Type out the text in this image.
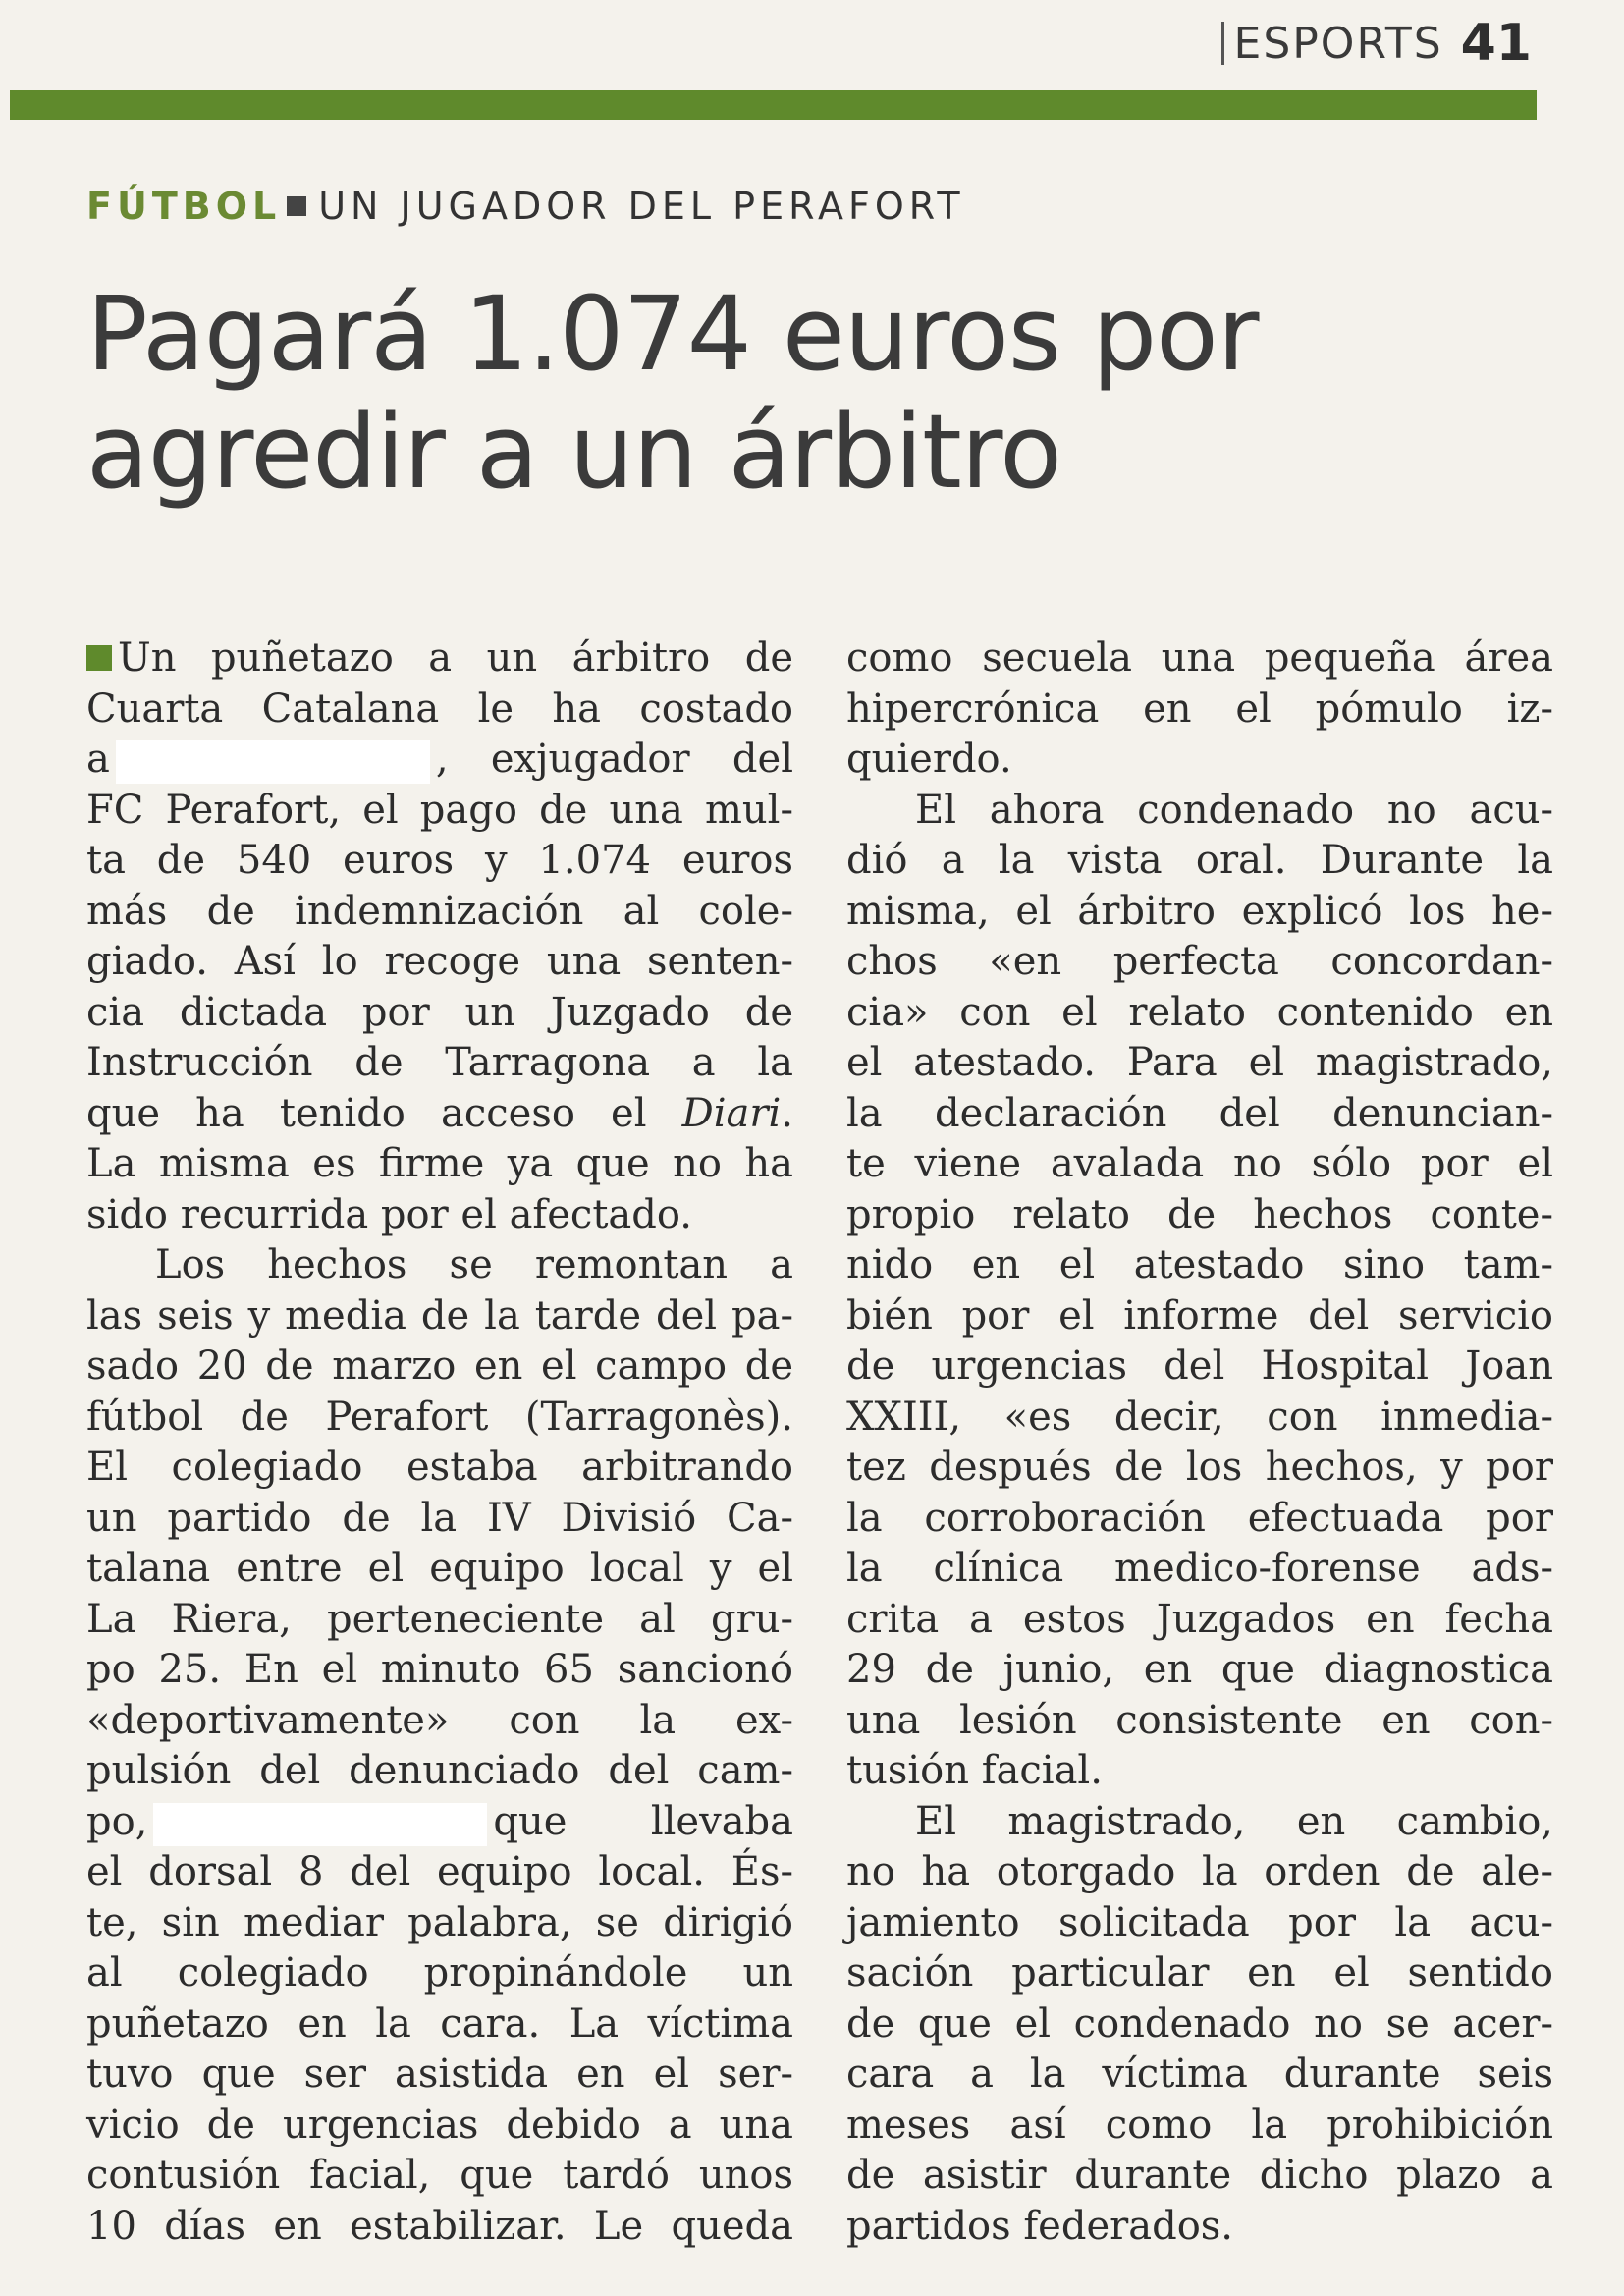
ESPORTS 41
FÚTBOL UN JUGADOR DEL PERAFORT
Pagará 1.074 euros por
agredir a un árbitro
Un puñetazo a un árbitro de
Cuarta Catalana le ha costado
a	, exjugador del
FC Perafort, el pago de una mul-
ta de 540 euros y 1.074 euros
más de indemnización al cole-
giado. Así lo recoge una senten-
cia dictada por un Juzgado de
Instrucción de Tarragona a la
que ha tenido acceso el Diari.
La misma es firme ya que no ha
sido recurrida por el afectado.
Los hechos se remontan a
las seis y media de la tarde del pa-
sado 20 de marzo en el campo de
fútbol de Perafort (Tarragonès).
El colegiado estaba arbitrando
un partido de la IV Divisió Ca-
talana entre el equipo local y el
La Riera, perteneciente al gru-
po 25. En el minuto 65 sancionó
«deportivamente» con la ex-
pulsión del denunciado del cam-
po,	que llevaba
el dorsal 8 del equipo local. És-
te, sin mediar palabra, se dirigió
al colegiado propinándole un
puñetazo en la cara. La víctima
tuvo que ser asistida en el ser-
vicio de urgencias debido a una
contusión facial, que tardó unos
10 días en estabilizar. Le queda
como secuela una pequeña área
hipercrónica en el pómulo iz-
quierdo.
El ahora condenado no acu-
dió a la vista oral. Durante la
misma, el árbitro explicó los he-
chos «en perfecta concordan-
cia» con el relato contenido en
el atestado. Para el magistrado,
la declaración del denuncian-
te viene avalada no sólo por el
propio relato de hechos conte-
nido en el atestado sino tam-
bién por el informe del servicio
de urgencias del Hospital Joan
XXIII, «es decir, con inmedia-
tez después de los hechos, y por
la corroboración efectuada por
la clínica medico-forense ads-
crita a estos Juzgados en fecha
29 de junio, en que diagnostica
una lesión consistente en con-
tusión facial.
El magistrado, en cambio,
no ha otorgado la orden de ale-
jamiento solicitada por la acu-
sación particular en el sentido
de que el condenado no se acer-
cara a la víctima durante seis
meses así como la prohibición
de asistir durante dicho plazo a
partidos federados.
